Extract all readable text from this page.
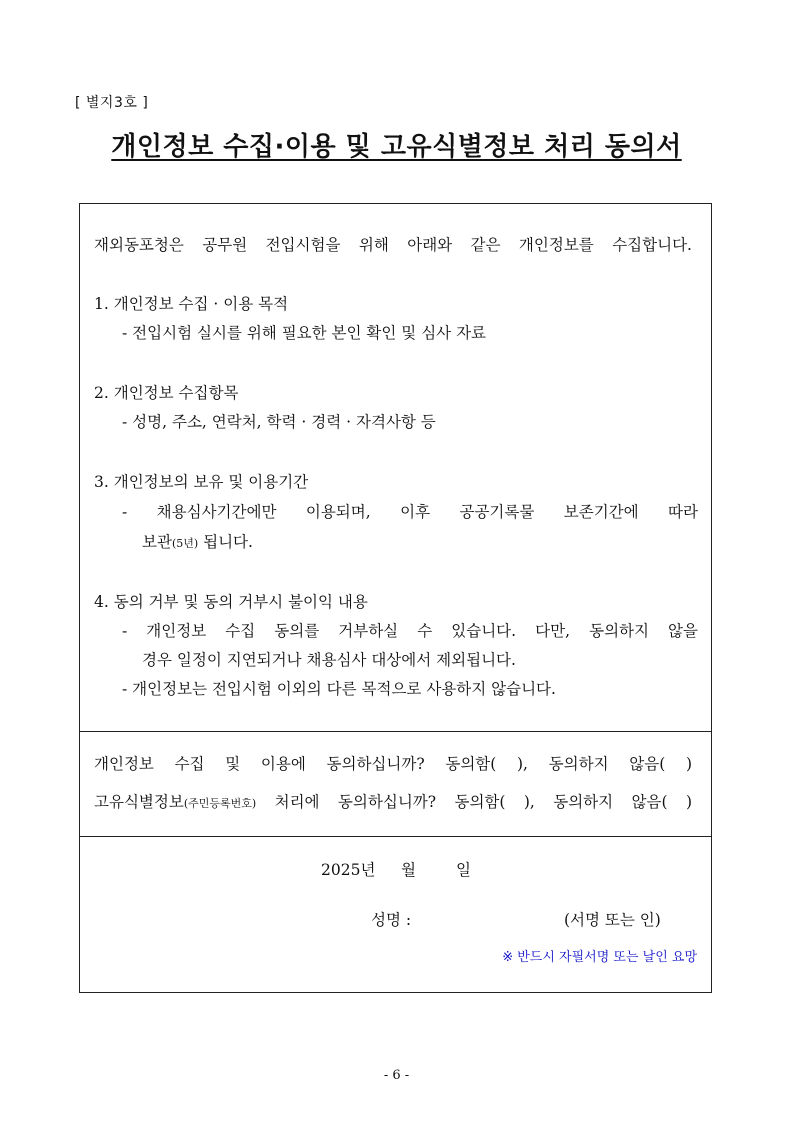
[ 별지3호 ]
개인정보 수집·이용 및 고유식별정보 처리 동의서
재외동포청은 공무원 전입시험을 위해 아래와 같은 개인정보를 수집합니다.
1. 개인정보 수집 · 이용 목적
- 전입시험 실시를 위해 필요한 본인 확인 및 심사 자료
2. 개인정보 수집항목
- 성명, 주소, 연락처, 학력 · 경력 · 자격사항 등
3. 개인정보의 보유 및 이용기간
- 채용심사기간에만 이용되며, 이후 공공기록물 보존기간에 따라
보관(5년) 됩니다.
4. 동의 거부 및 동의 거부시 불이익 내용
- 개인정보 수집 동의를 거부하실 수 있습니다. 다만, 동의하지 않을
경우 일정이 지연되거나 채용심사 대상에서 제외됩니다.
- 개인정보는 전입시험 이외의 다른 목적으로 사용하지 않습니다.
개인정보 수집 및 이용에 동의하십니까? 동의함( ), 동의하지 않음( )
고유식별정보(주민등록번호) 처리에 동의하십니까? 동의함( ), 동의하지 않음( )
2025년 월	일
성명 :	(서명 또는 인)
※ 반드시 자필서명 또는 날인 요망
- 6 -
